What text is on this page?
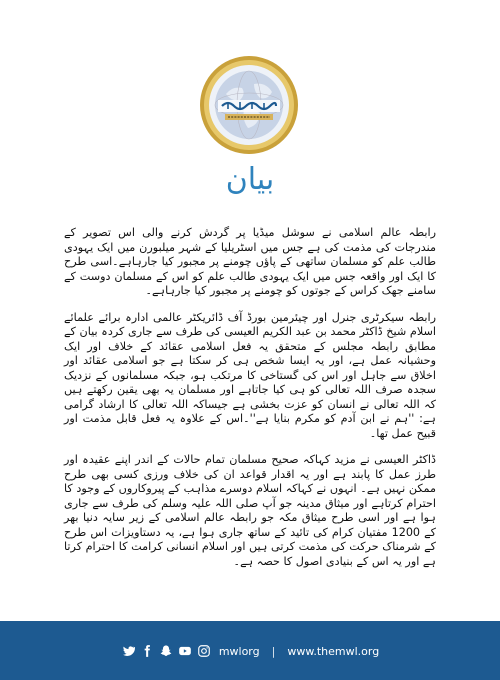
بيان

رابطہ عالم اسلامی نے سوشل میڈیا پر گردش کرنے والی اس تصویر کے مندرجات کی مذمت کی ہے جس میں اسٹریلیا کے شہر میلبورن میں ایک یہودی طالب علم کو مسلمان ساتھی کے پاؤں چومنے پر مجبور کیا جارہاہے۔اسی طرح کا ایک اور واقعہ جس میں ایک یہودی طالب علم کو اس کے مسلمان دوست کے سامنے جھک کراس کے جوتوں کو چومنے پر مجبور کیا جارہاہے۔

رابطہ سیکرٹری جنرل اور چیئرمین بورڈ آف ڈائریکٹر عالمی ادارہ برائے علمائے اسلام شیخ ڈاکٹر محمد بن عبد الکریم العیسی کی طرف سے جاری کردہ بیان کے مطابق رابطہ مجلس کے متحقق یہ فعل اسلامی عقائد کے خلاف اور ایک وحشیانہ عمل ہے، اور یہ ایسا شخص ہی کر سکتا ہے جو اسلامی عقائد اور اخلاق سے جاہل اور اس کی گستاخی کا مرتکب ہو، جبکہ مسلمانوں کے نزدیک سجدہ صرف اللہ تعالی کو ہی کیا جاتاہے اور مسلمان یہ بھی یقین رکھتے ہیں کہ اللہ تعالی نے انسان کو عزت بخشی ہے جیساکہ اللہ تعالی کا ارشاد گرامی ہے: ''ہم نے ابن آدم کو مکرم بنایا ہے''۔اس کے علاوہ یہ فعل قابل مذمت اور قبیح عمل تھا۔

ڈاکٹر العیسی نے مزید کہاکہ صحیح مسلمان تمام حالات کے اندر اپنے عقیدہ اور طرز عمل کا پابند ہے اور یہ اقدار قواعد ان کی خلاف ورزی کسی بھی طرح ممکن نہیں ہے۔ انہوں نے کہاکہ اسلام دوسرے مذاہب کے پیروکاروں کے وجود کا احترام کرتاہے اور میثاق مدینہ جو آپ صلی اللہ علیہ وسلم کی طرف سے جاری ہوا ہے اور اسی طرح میثاق مکہ جو رابطہ عالم اسلامی کے زیر سایہ دنیا بھر کے 1200 مفتیان کرام کی تائید کے ساتھ جاری ہوا ہے، یہ دستاویزات اس طرح کے شرمناک حرکت کی مذمت کرتی ہیں اور اسلام انسانی کرامت کا احترام کرتا ہے اور یہ اس کے بنیادی اصول کا حصہ ہے۔

mwlorg | www.themwl.org
